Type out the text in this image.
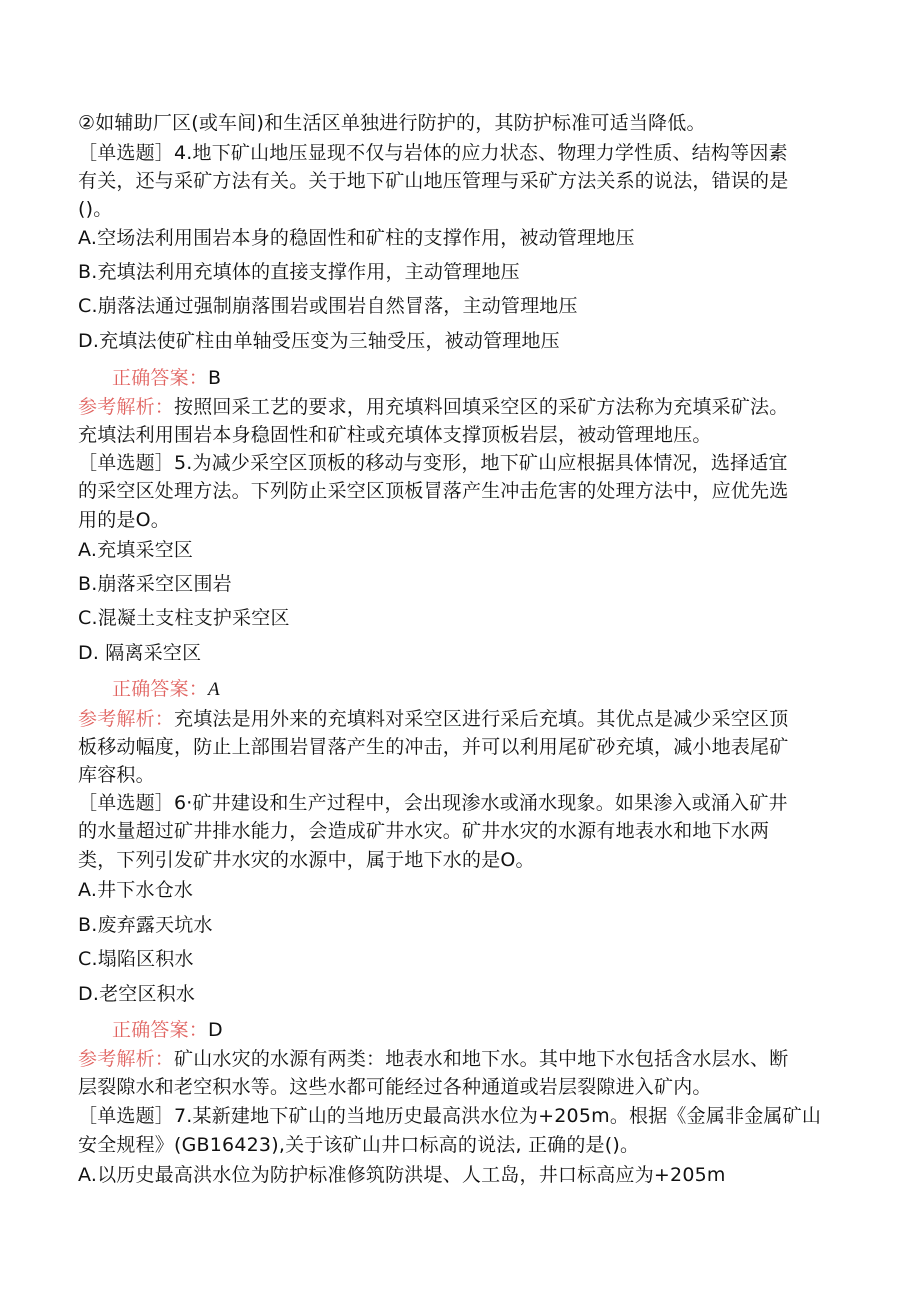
②如辅助厂区(或车间)和生活区单独进行防护的，其防护标准可适当降低。
［单选题］4.地下矿山地压显现不仅与岩体的应力状态、物理力学性质、结构等因素
有关，还与采矿方法有关。关于地下矿山地压管理与采矿方法关系的说法，错误的是
()。
A.空场法利用围岩本身的稳固性和矿柱的支撑作用，被动管理地压
B.充填法利用充填体的直接支撑作用，主动管理地压
C.崩落法通过强制崩落围岩或围岩自然冒落，主动管理地压
D.充填法使矿柱由单轴受压变为三轴受压，被动管理地压
正确答案：B
参考解析：按照回采工艺的要求，用充填料回填采空区的采矿方法称为充填采矿法。
充填法利用围岩本身稳固性和矿柱或充填体支撑顶板岩层，被动管理地压。
［单选题］5.为减少采空区顶板的移动与变形，地下矿山应根据具体情况，选择适宜
的采空区处理方法。下列防止采空区顶板冒落产生冲击危害的处理方法中，应优先选
用的是O。
A.充填采空区
B.崩落采空区围岩
C.混凝土支柱支护采空区
D. 隔离采空区
正确答案：A
参考解析：充填法是用外来的充填料对采空区进行采后充填。其优点是减少采空区顶
板移动幅度，防止上部围岩冒落产生的冲击，并可以利用尾矿砂充填，减小地表尾矿
库容积。
［单选题］6·矿井建设和生产过程中，会出现渗水或涌水现象。如果渗入或涌入矿井
的水量超过矿井排水能力，会造成矿井水灾。矿井水灾的水源有地表水和地下水两
类，下列引发矿井水灾的水源中，属于地下水的是O。
A.井下水仓水
B.废弃露天坑水
C.塌陷区积水
D.老空区积水
正确答案：D
参考解析：矿山水灾的水源有两类：地表水和地下水。其中地下水包括含水层水、断
层裂隙水和老空积水等。这些水都可能经过各种通道或岩层裂隙进入矿内。
［单选题］7.某新建地下矿山的当地历史最高洪水位为+205m。根据《金属非金属矿山
安全规程》(GB16423),关于该矿山井口标高的说法, 正确的是()。
A.以历史最高洪水位为防护标准修筑防洪堤、人工岛，井口标高应为+205m
